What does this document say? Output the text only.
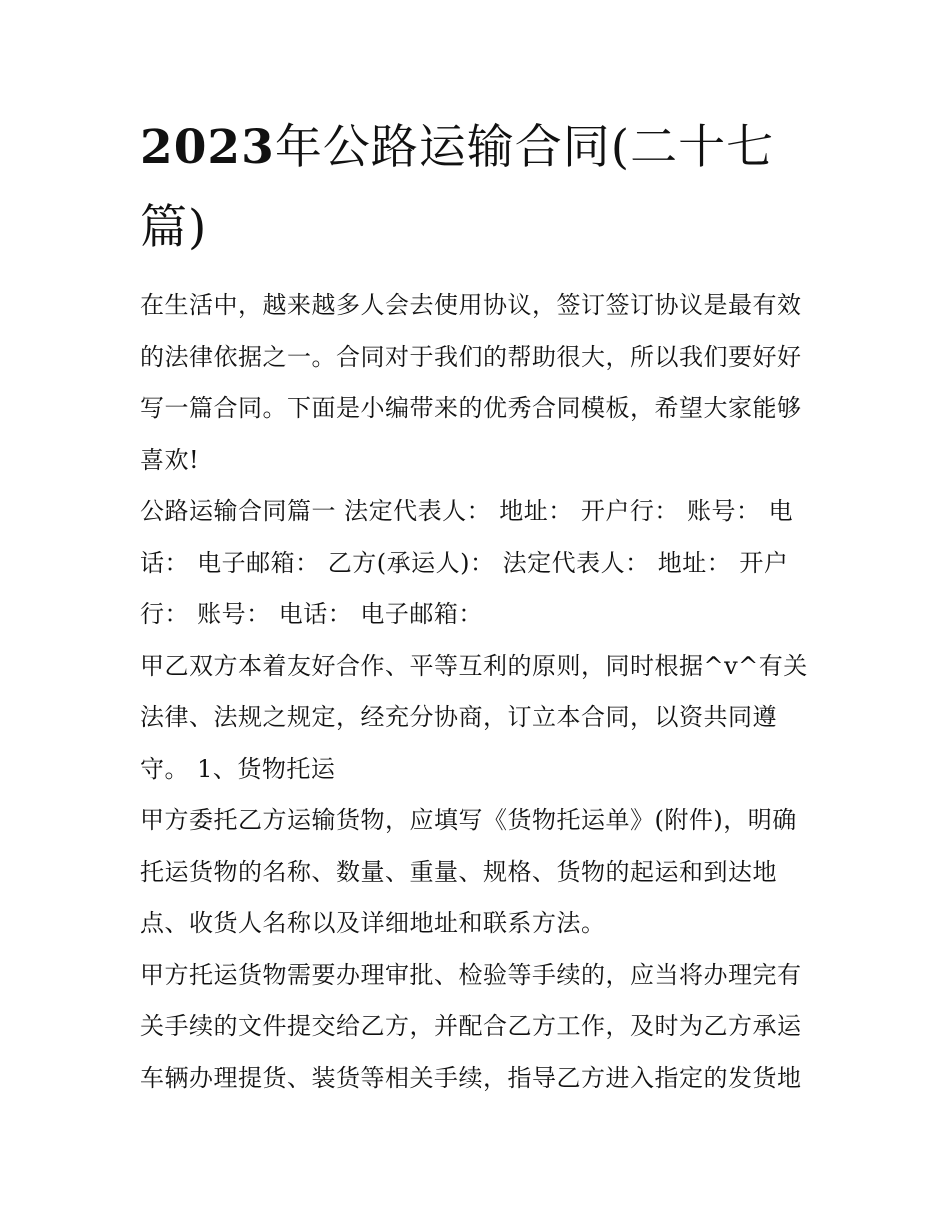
2023年公路运输合同(二十七
篇)

在生活中，越来越多人会去使用协议，签订签订协议是最有效
的法律依据之一。合同对于我们的帮助很大，所以我们要好好
写一篇合同。下面是小编带来的优秀合同模板，希望大家能够
喜欢!

公路运输合同篇一 法定代表人： 地址： 开户行： 账号： 电
话： 电子邮箱： 乙方(承运人)： 法定代表人： 地址： 开户
行： 账号： 电话： 电子邮箱：

甲乙双方本着友好合作、平等互利的原则，同时根据^v^有关
法律、法规之规定，经充分协商，订立本合同，以资共同遵
守。 1、货物托运

甲方委托乙方运输货物，应填写《货物托运单》(附件)，明确
托运货物的名称、数量、重量、规格、货物的起运和到达地
点、收货人名称以及详细地址和联系方法。

甲方托运货物需要办理审批、检验等手续的，应当将办理完有
关手续的文件提交给乙方，并配合乙方工作，及时为乙方承运
车辆办理提货、装货等相关手续，指导乙方进入指定的发货地
